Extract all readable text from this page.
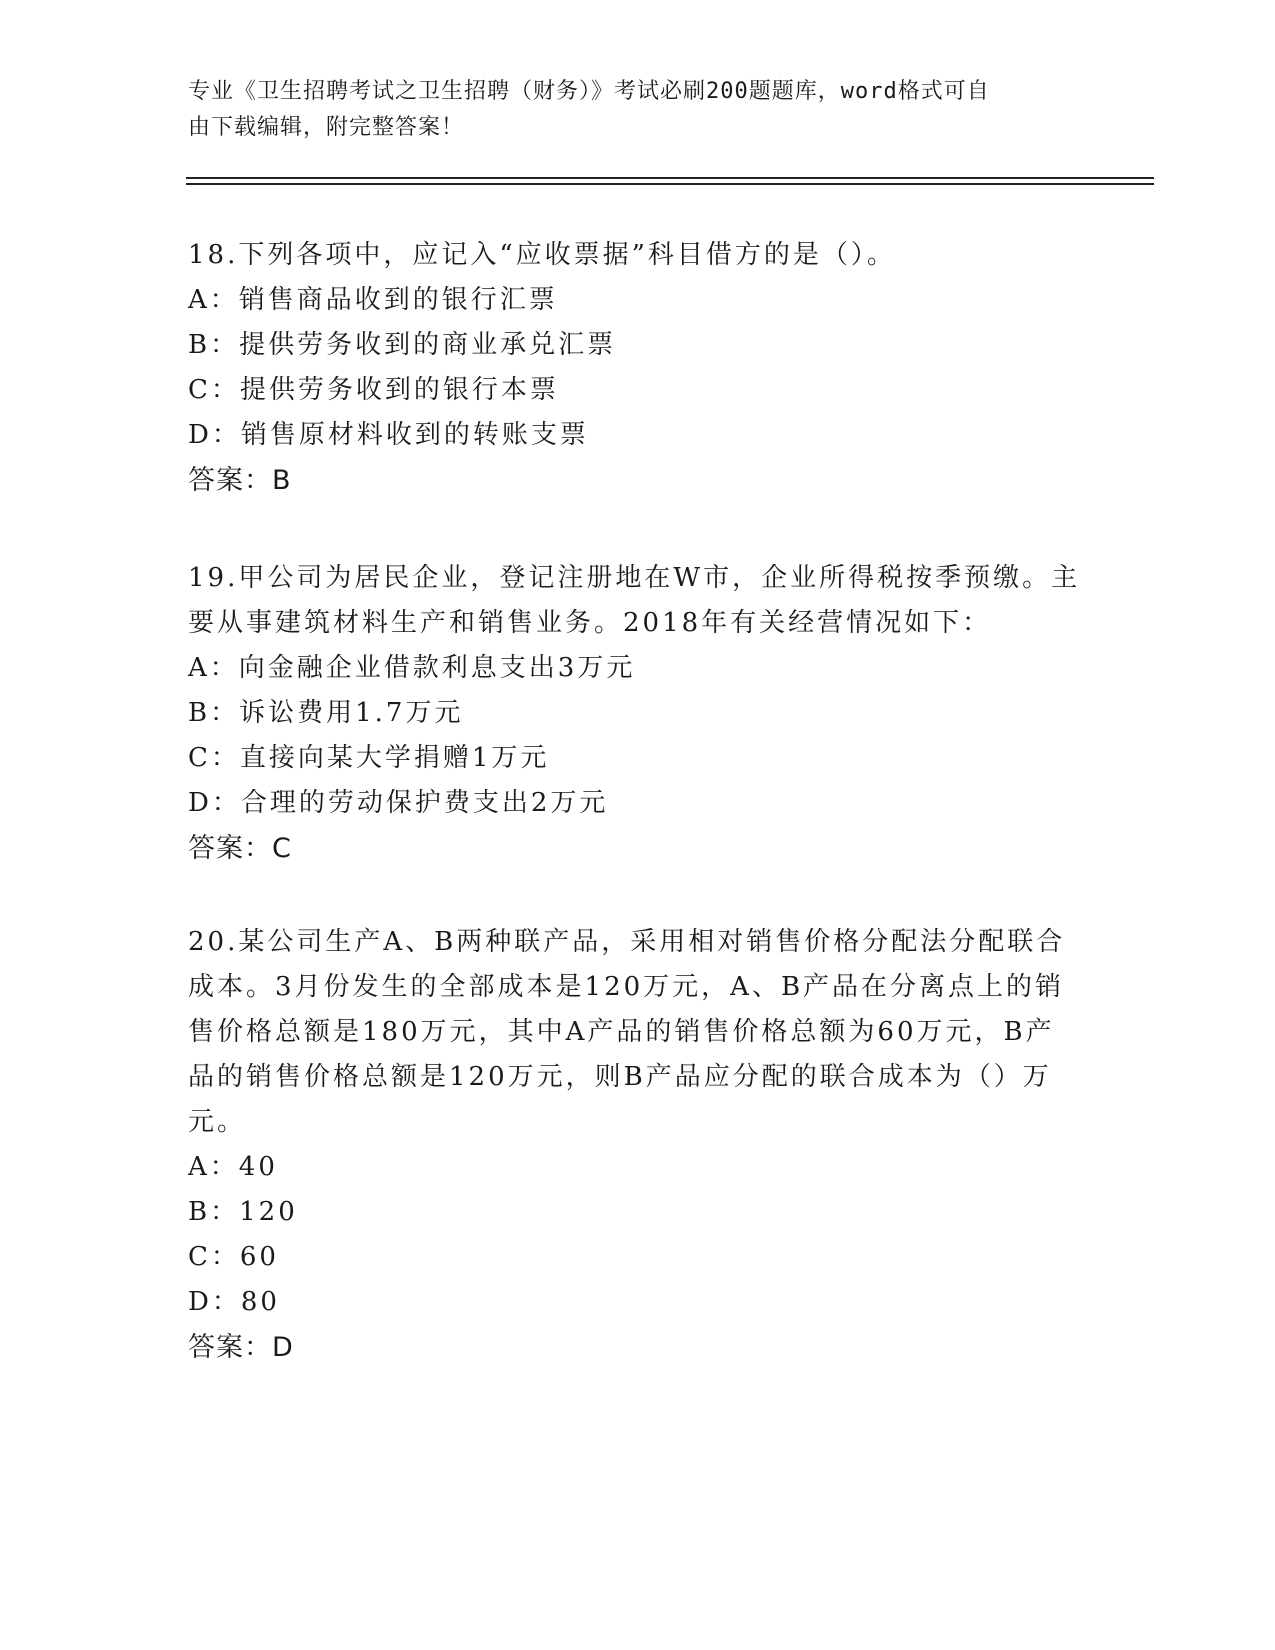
专业《卫生招聘考试之卫生招聘（财务）》考试必刷200题题库，word格式可自
由下载编辑，附完整答案！
18.下列各项中，应记入“应收票据”科目借方的是（）。
A：销售商品收到的银行汇票
B：提供劳务收到的商业承兑汇票
C：提供劳务收到的银行本票
D：销售原材料收到的转账支票
答案：B
19.甲公司为居民企业，登记注册地在W市，企业所得税按季预缴。主
要从事建筑材料生产和销售业务。2018年有关经营情况如下：
A：向金融企业借款利息支出3万元
B：诉讼费用1.7万元
C：直接向某大学捐赠1万元
D：合理的劳动保护费支出2万元
答案：C
20.某公司生产A、B两种联产品，采用相对销售价格分配法分配联合
成本。3月份发生的全部成本是120万元，A、B产品在分离点上的销
售价格总额是180万元，其中A产品的销售价格总额为60万元，B产
品的销售价格总额是120万元，则B产品应分配的联合成本为（）万
元。
A：40
B：120
C：60
D：80
答案：D
